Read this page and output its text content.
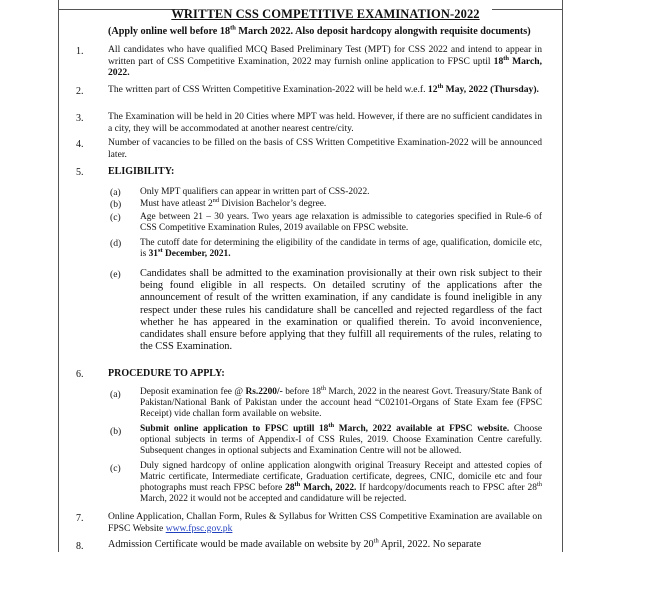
WRITTEN CSS COMPETITIVE EXAMINATION-2022
(Apply online well before 18th March 2022. Also deposit hardcopy alongwith requisite documents)
1.	All candidates who have qualified MCQ Based Preliminary Test (MPT) for CSS 2022 and intend to appear in written part of CSS Competitive Examination, 2022 may furnish online application to FPSC uptil 18th March, 2022.
2.	The written part of CSS Written Competitive Examination-2022 will be held w.e.f. 12th May, 2022 (Thursday).
3.	The Examination will be held in 20 Cities where MPT was held. However, if there are no sufficient candidates in a city, they will be accommodated at another nearest centre/city.
4.	Number of vacancies to be filled on the basis of CSS Written Competitive Examination-2022 will be announced later.
5. ELIGIBILITY:
(a) Only MPT qualifiers can appear in written part of CSS-2022.
(b) Must have atleast 2nd Division Bachelor’s degree.
(c) Age between 21 – 30 years. Two years age relaxation is admissible to categories specified in Rule-6 of CSS Competitive Examination Rules, 2019 available on FPSC website.
(d) The cutoff date for determining the eligibility of the candidate in terms of age, qualification, domicile etc, is 31st December, 2021.
(e) Candidates shall be admitted to the examination provisionally at their own risk subject to their being found eligible in all respects. On detailed scrutiny of the applications after the announcement of result of the written examination, if any candidate is found ineligible in any respect under these rules his candidature shall be cancelled and rejected regardless of the fact whether he has appeared in the examination or qualified therein. To avoid inconvenience, candidates shall ensure before applying that they fulfill all requirements of the rules, relating to the CSS Examination.
6. PROCEDURE TO APPLY:
(a) Deposit examination fee @ Rs.2200/- before 18th March, 2022 in the nearest Govt. Treasury/State Bank of Pakistan/National Bank of Pakistan under the account head “C02101-Organs of State Exam fee (FPSC Receipt) vide challan form available on website.
(b) Submit online application to FPSC uptill 18th March, 2022 available at FPSC website. Choose optional subjects in terms of Appendix-I of CSS Rules, 2019. Choose Examination Centre carefully. Subsequent changes in optional subjects and Examination Centre will not be allowed.
(c) Duly signed hardcopy of online application alongwith original Treasury Receipt and attested copies of Matric certificate, Intermediate certificate, Graduation certificate, degrees, CNIC, domicile etc and four photographs must reach FPSC before 28th March, 2022. If hardcopy/documents reach to FPSC after 28th March, 2022 it would not be accepted and candidature will be rejected.
7.	Online Application, Challan Form, Rules & Syllabus for Written CSS Competitive Examination are available on FPSC Website www.fpsc.gov.pk
8. Admission Certificate would be made available on website by 20th April, 2022. No separate
